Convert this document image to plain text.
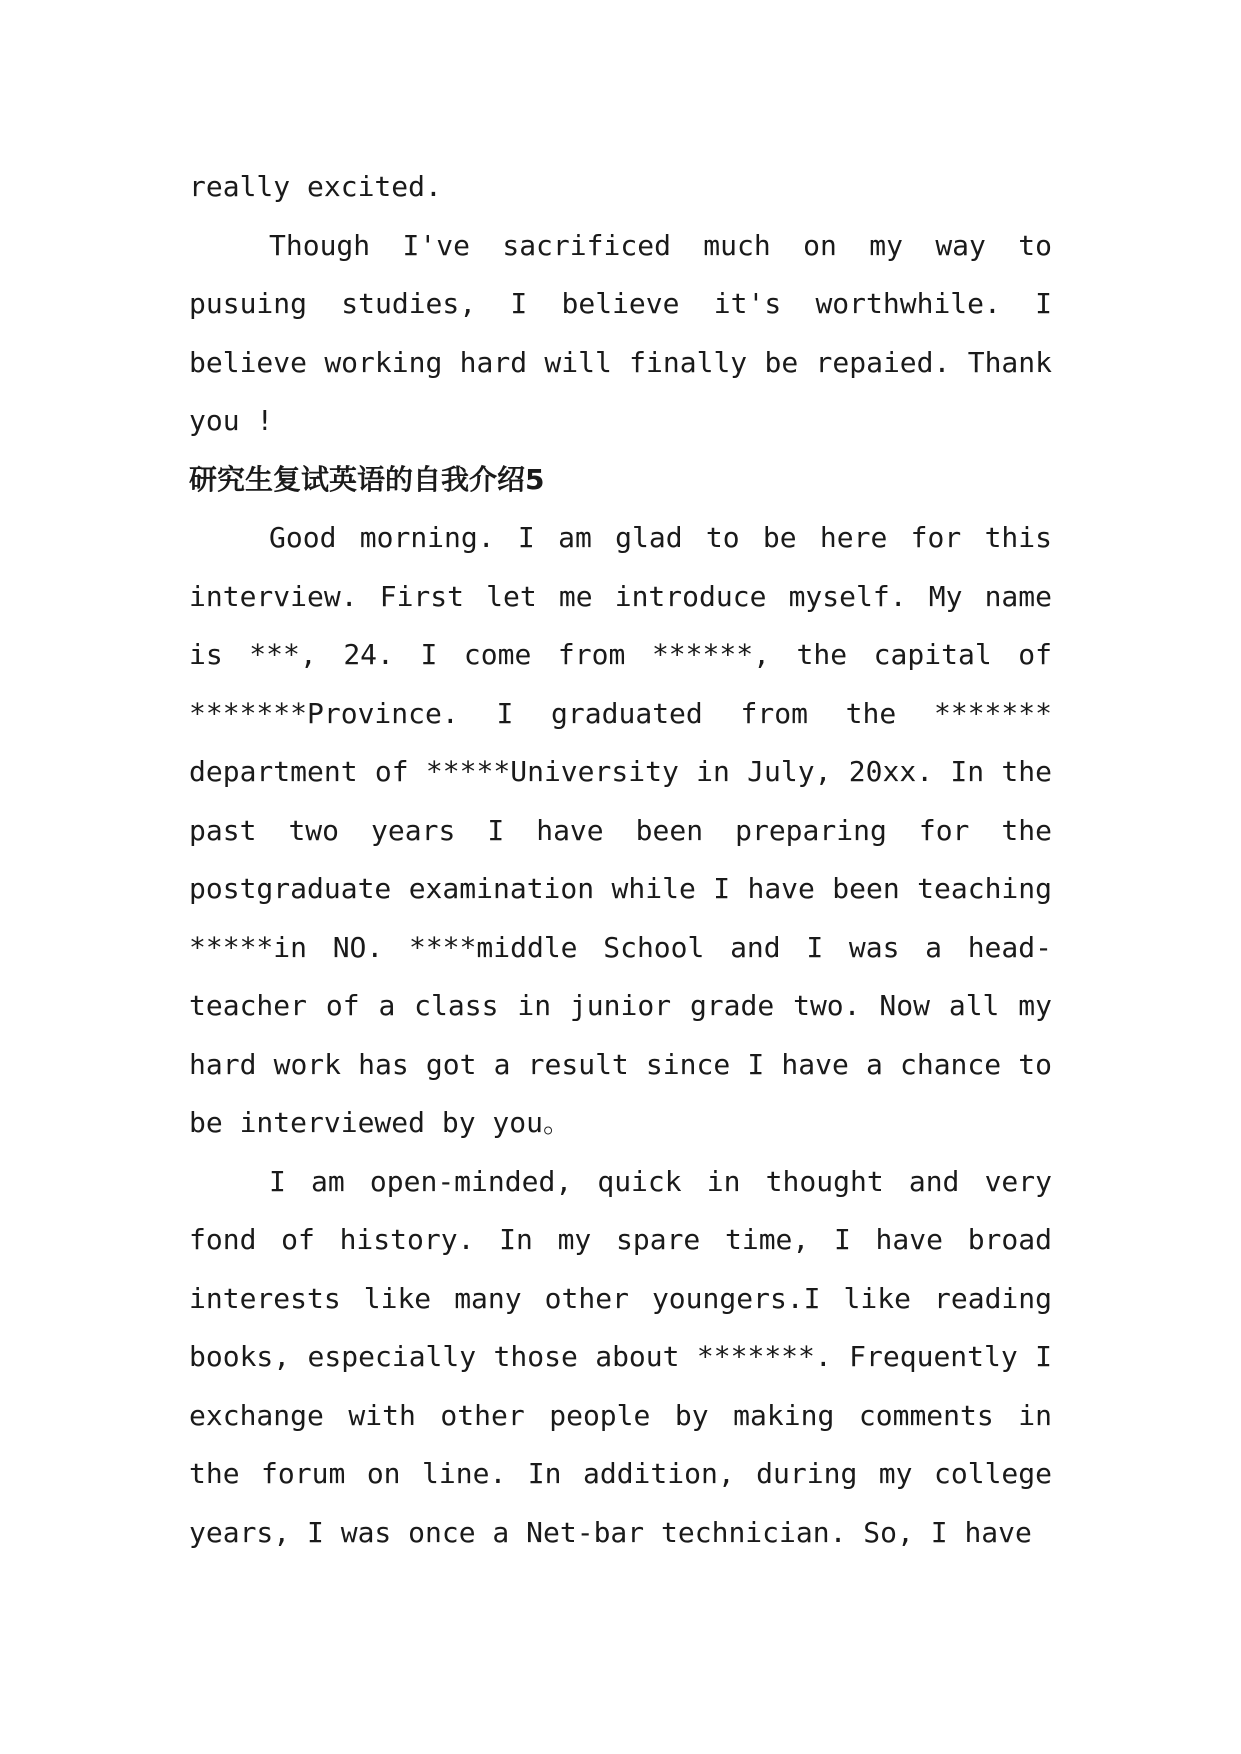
really excited.

Though I've sacrificed much on my way to pusuing studies, I believe it's worthwhile. I believe working hard will finally be repaied. Thank you !

研究生复试英语的自我介绍5

Good morning. I am glad to be here for this interview. First let me introduce myself. My name is ***, 24. I come from ******, the capital of *******Province. I graduated from the ******* department of *****University in July, 20xx. In the past two years I have been preparing for the postgraduate examination while I have been teaching *****in NO. ****middle School and I was a head-teacher of a class in junior grade two. Now all my hard work has got a result since I have a chance to be interviewed by you。

I am open-minded, quick in thought and very fond of history. In my spare time, I have broad interests like many other youngers.I like reading books, especially those about *******. Frequently I exchange with other people by making comments in the forum on line. In addition, during my college years, I was once a Net-bar technician. So, I have
